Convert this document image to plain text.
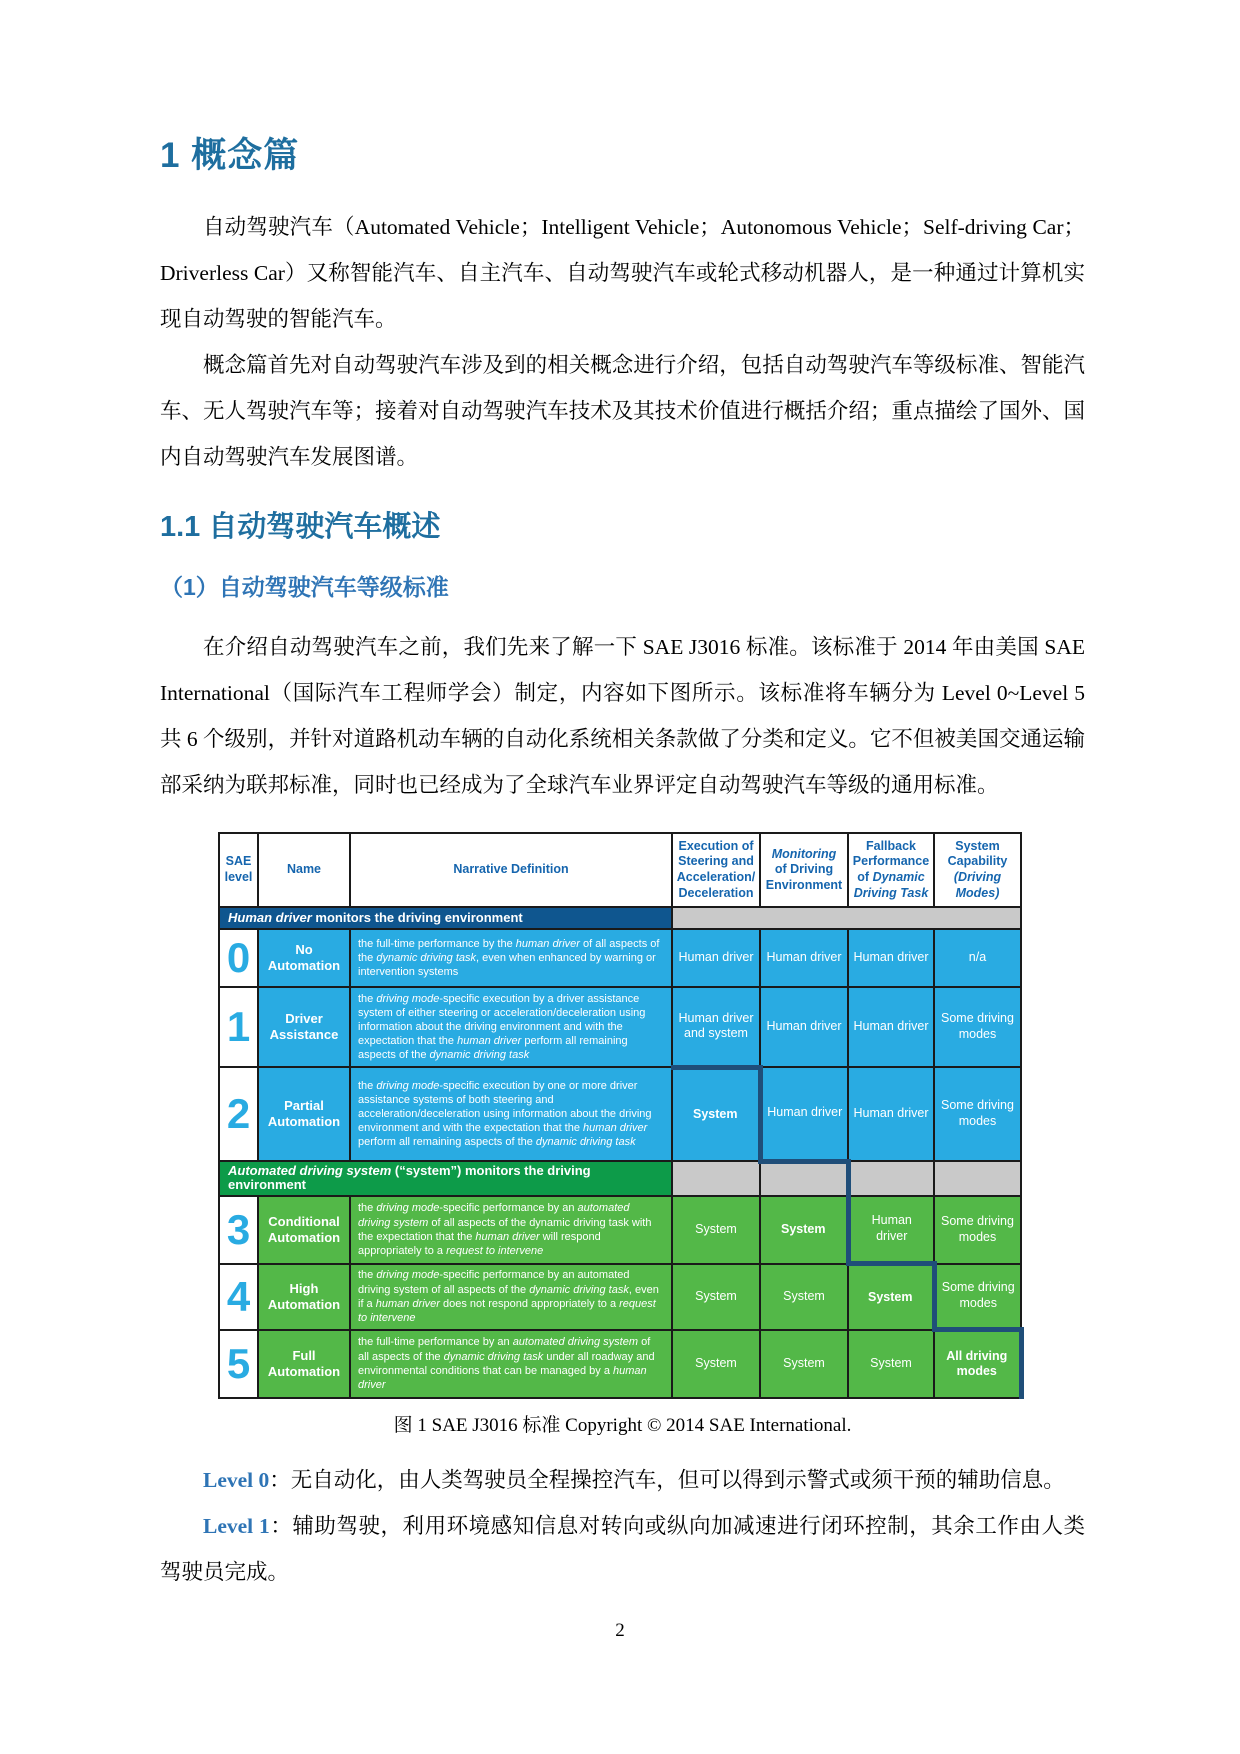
1 概念篇

自动驾驶汽车（Automated Vehicle；Intelligent Vehicle；Autonomous Vehicle；Self-driving Car；Driverless Car）又称智能汽车、自主汽车、自动驾驶汽车或轮式移动机器人，是一种通过计算机实现自动驾驶的智能汽车。

概念篇首先对自动驾驶汽车涉及到的相关概念进行介绍，包括自动驾驶汽车等级标准、智能汽车、无人驾驶汽车等；接着对自动驾驶汽车技术及其技术价值进行概括介绍；重点描绘了国外、国内自动驾驶汽车发展图谱。

1.1 自动驾驶汽车概述
（1）自动驾驶汽车等级标准

在介绍自动驾驶汽车之前，我们先来了解一下 SAE J3016 标准。该标准于 2014 年由美国 SAE International（国际汽车工程师学会）制定，内容如下图所示。该标准将车辆分为 Level 0~Level 5 共 6 个级别，并针对道路机动车辆的自动化系统相关条款做了分类和定义。它不但被美国交通运输部采纳为联邦标准，同时也已经成为了全球汽车业界评定自动驾驶汽车等级的通用标准。

SAE
level	Name	Narrative Definition	Execution of
Steering and
Acceleration/
Deceleration	Monitoring
of Driving
Environment	Fallback
Performance
of Dynamic
Driving Task	System
Capability
(Driving
Modes)
Human driver monitors the driving environment						
0	No Automation	the full-time performance by the human driver of all aspects of the dynamic driving task, even when enhanced by warning or intervention systems	Human driver	Human driver	Human driver	n/a
1	Driver Assistance	the driving mode-specific execution by a driver assistance system of either steering or acceleration/deceleration using information about the driving environment and with the expectation that the human driver perform all remaining aspects of the dynamic driving task	Human driver and system	Human driver	Human driver	Some driving modes
2	Partial Automation	the driving mode-specific execution by one or more driver assistance systems of both steering and acceleration/deceleration using information about the driving environment and with the expectation that the human driver perform all remaining aspects of the dynamic driving task	System	Human driver	Human driver	Some driving modes
Automated driving system (“system”) monitors the driving environment						
3	Conditional Automation	the driving mode-specific performance by an automated driving system of all aspects of the dynamic driving task with the expectation that the human driver will respond appropriately to a request to intervene	System	System	Human driver	Some driving modes
4	High Automation	the driving mode-specific performance by an automated driving system of all aspects of the dynamic driving task, even if a human driver does not respond appropriately to a request to intervene	System	System	System	Some driving modes
5	Full Automation	the full-time performance by an automated driving system of all aspects of the dynamic driving task under all roadway and environmental conditions that can be managed by a human driver	System	System	System	All driving modes

图 1 SAE J3016 标准 Copyright © 2014 SAE International.

Level 0：无自动化，由人类驾驶员全程操控汽车，但可以得到示警式或须干预的辅助信息。

Level 1：辅助驾驶，利用环境感知信息对转向或纵向加减速进行闭环控制，其余工作由人类驾驶员完成。

2
